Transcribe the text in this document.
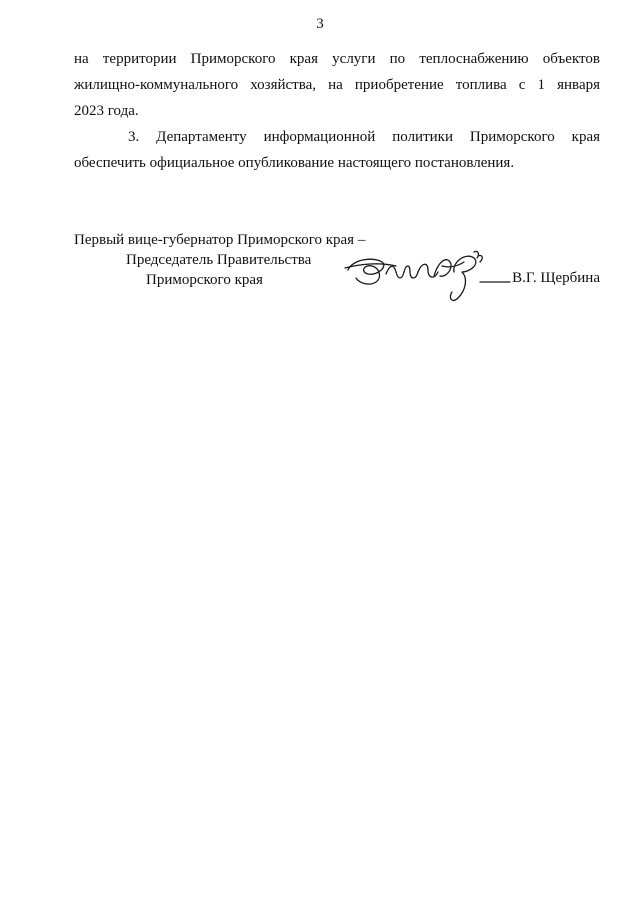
3

на территории Приморского края услуги по теплоснабжению объектов
жилищно-коммунального хозяйства, на приобретение топлива с 1 января
2023 года.

3. Департаменту информационной политики Приморского края
обеспечить официальное опубликование настоящего постановления.

Первый вице-губернатор Приморского края –
Председатель Правительства
Приморского края	В.Г. Щербина
